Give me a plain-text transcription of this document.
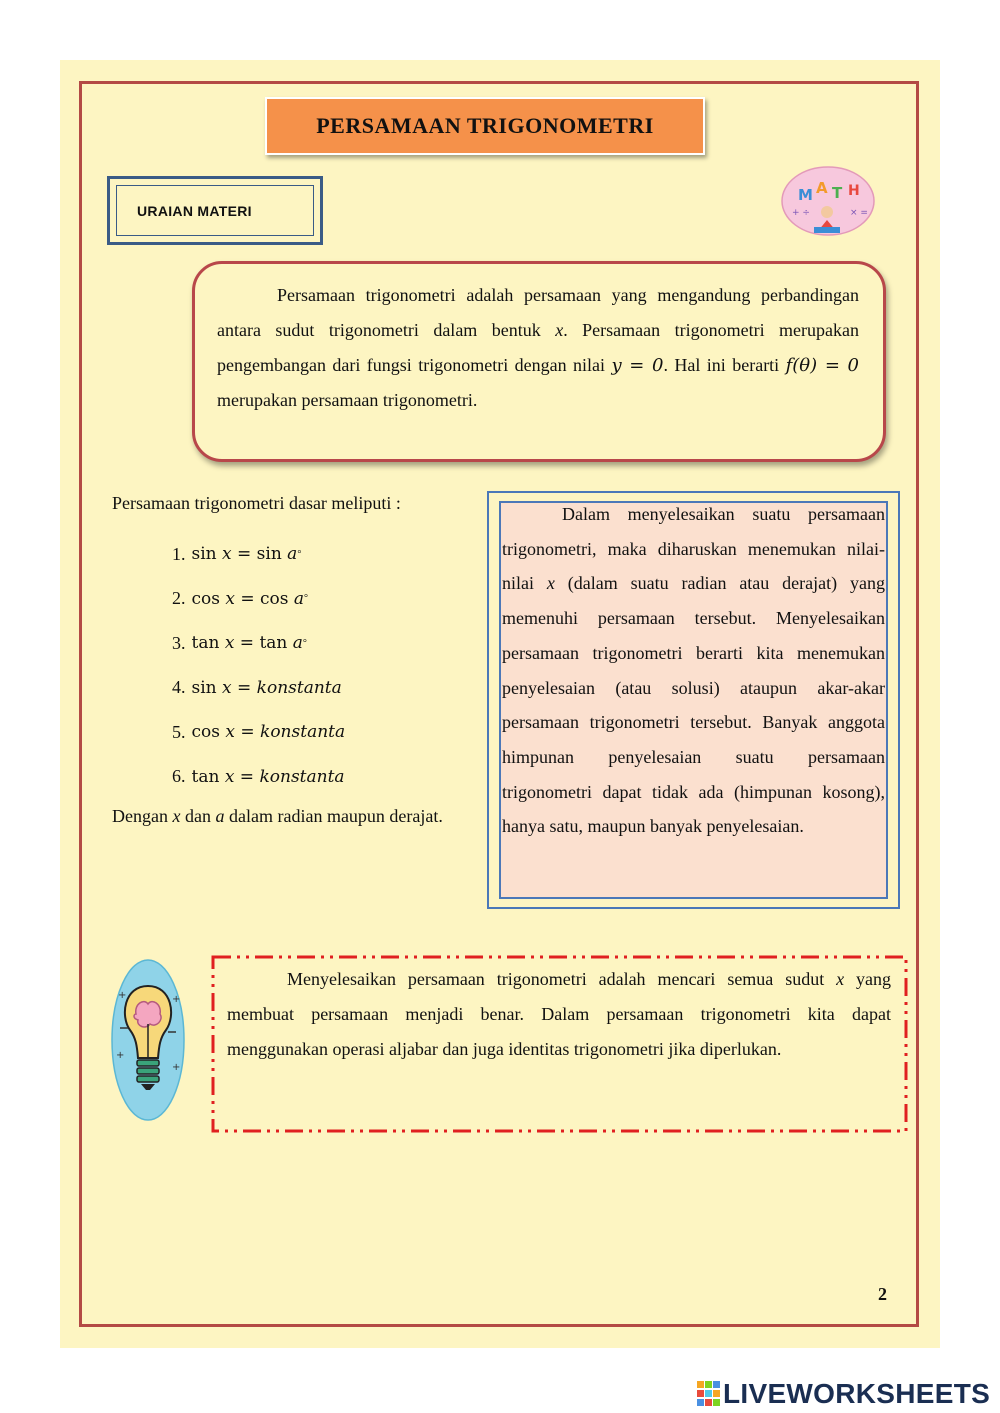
PERSAMAAN TRIGONOMETRI
URAIAN MATERI
M A T H
+ ÷	× =
Persamaan trigonometri adalah persamaan yang mengandung perbandingan antara sudut trigonometri dalam bentuk x. Persamaan trigonometri merupakan pengembangan dari fungsi trigonometri dengan nilai 𝑦 = 0. Hal ini berarti 𝑓(𝜃) = 0 merupakan persamaan trigonometri.
Persamaan trigonometri dasar meliputi :
1. sin 𝑥 = sin 𝑎 °
2. cos 𝑥 = cos 𝑎 °
3. tan 𝑥 = tan 𝑎 °
4. sin 𝑥 = 𝑘𝑜𝑛𝑠𝑡𝑎𝑛𝑡𝑎
5. cos 𝑥 = 𝑘𝑜𝑛𝑠𝑡𝑎𝑛𝑡𝑎
6. tan 𝑥 = 𝑘𝑜𝑛𝑠𝑡𝑎𝑛𝑡𝑎
Dengan x dan a dalam radian maupun derajat.
Dalam menyelesaikan suatu persamaan trigonometri, maka diharuskan menemukan nilai-nilai x (dalam suatu radian atau derajat) yang memenuhi persamaan tersebut. Menyelesaikan persamaan trigonometri berarti kita menemukan penyelesaian (atau solusi) ataupun akar-akar persamaan trigonometri tersebut. Banyak anggota himpunan penyelesaian suatu persamaan trigonometri dapat tidak ada (himpunan kosong), hanya satu, maupun banyak penyelesaian.
+	+
+
+
Menyelesaikan persamaan trigonometri adalah mencari semua sudut x yang membuat persamaan menjadi benar. Dalam persamaan trigonometri kita dapat menggunakan operasi aljabar dan juga identitas trigonometri jika diperlukan.
2
LIVEWORKSHEETS
